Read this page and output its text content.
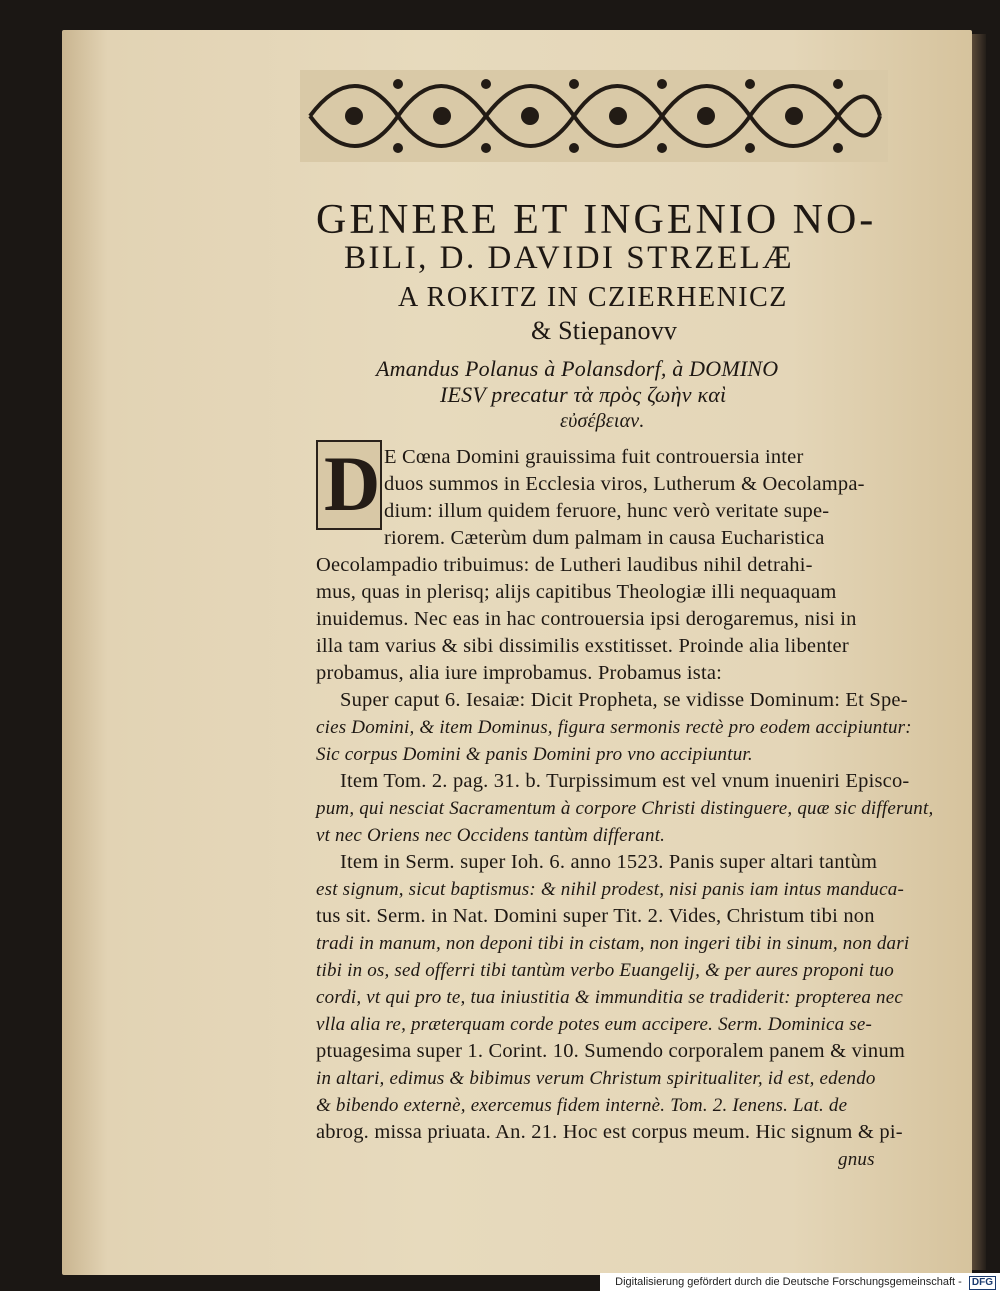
GENERE ET INGENIO NO-
BILI, D. DAVIDI STRZELÆ
A ROKITZ IN CZIERHENICZ
& Stiepanovv
Amandus Polanus à Polansdorf, à DOMINO
IESV precatur τὰ πρὸς ζωὴν καὶ
εὐσέβειαν.
D E Cœna Domini grauissima fuit controuersia inter
duos summos in Ecclesia viros, Lutherum & Oecolampa-
dium: illum quidem feruore, hunc verò veritate supe-
riorem. Cæterùm dum palmam in causa Eucharistica
Oecolampadio tribuimus: de Lutheri laudibus nihil detrahi-
mus, quas in plerisq; alijs capitibus Theologiæ illi nequaquam
inuidemus. Nec eas in hac controuersia ipsi derogaremus, nisi in
illa tam varius & sibi dissimilis exstitisset. Proinde alia libenter
probamus, alia iure improbamus. Probamus ista:
Super caput 6. Iesaiæ: Dicit Propheta, se vidisse Dominum: Et Spe-
cies Domini, & item Dominus, figura sermonis rectè pro eodem accipiuntur:
Sic corpus Domini & panis Domini pro vno accipiuntur.
Item Tom. 2. pag. 31. b. Turpissimum est vel vnum inueniri Episco-
pum, qui nesciat Sacramentum à corpore Christi distinguere, quæ sic differunt,
vt nec Oriens nec Occidens tantùm differant.
Item in Serm. super Ioh. 6. anno 1523. Panis super altari tantùm
est signum, sicut baptismus: & nihil prodest, nisi panis iam intus manduca-
tus sit. Serm. in Nat. Domini super Tit. 2. Vides, Christum tibi non
tradi in manum, non deponi tibi in cistam, non ingeri tibi in sinum, non dari
tibi in os, sed offerri tibi tantùm verbo Euangelij, & per aures proponi tuo
cordi, vt qui pro te, tua iniustitia & immunditia se tradiderit: propterea nec
vlla alia re, præterquam corde potes eum accipere. Serm. Dominica se-
ptuagesima super 1. Corint. 10. Sumendo corporalem panem & vinum
in altari, edimus & bibimus verum Christum spiritualiter, id est, edendo
& bibendo externè, exercemus fidem internè. Tom. 2. Ienens. Lat. de
abrog. missa priuata. An. 21. Hoc est corpus meum. Hic signum & pi-
gnus
Digitalisierung gefördert durch die Deutsche Forschungsgemeinschaft - DFG
